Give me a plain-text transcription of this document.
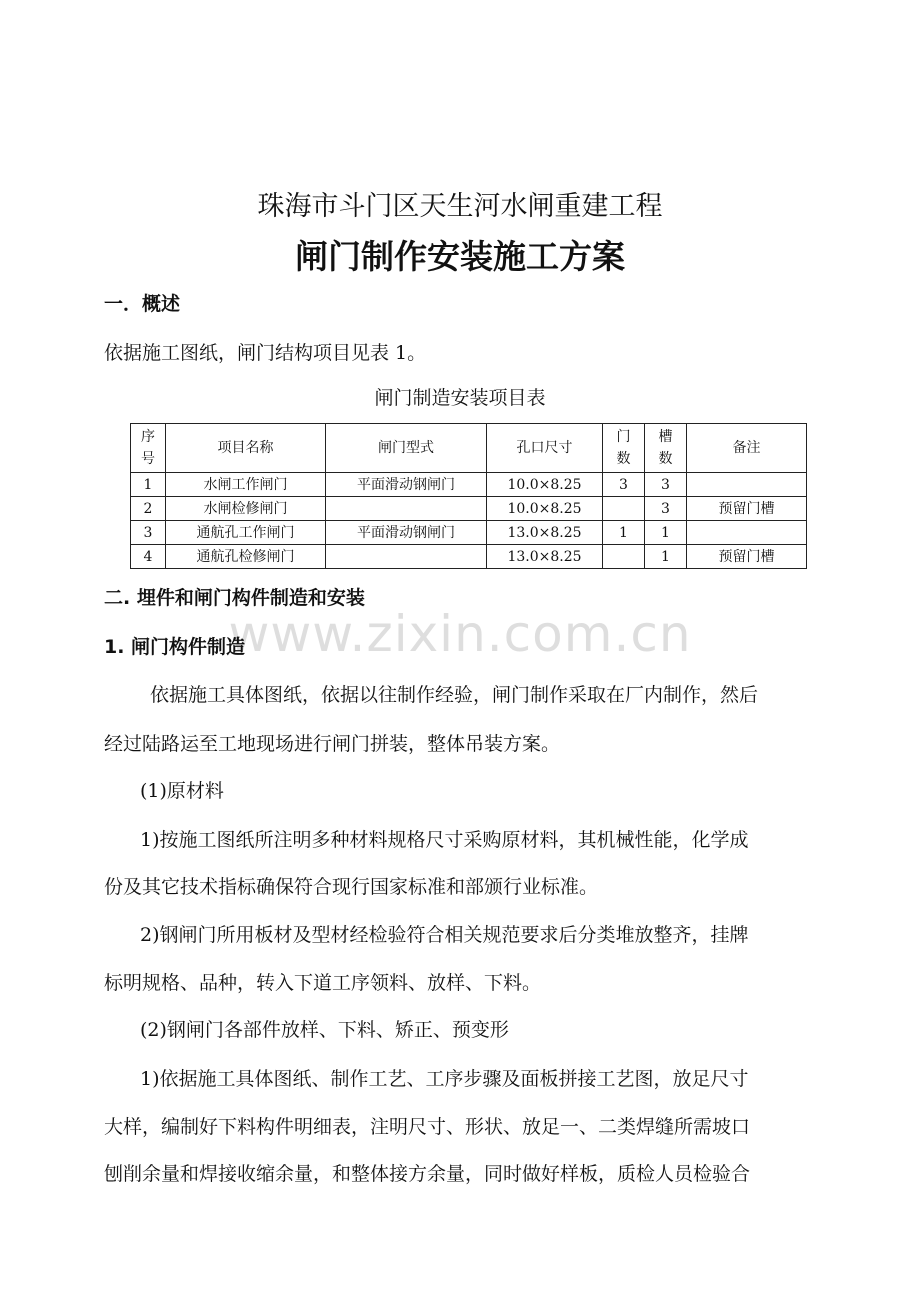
珠海市斗门区天生河水闸重建工程
闸门制作安装施工方案
一．概述
依据施工图纸，闸门结构项目见表 1。
闸门制造安装项目表
序号	项目名称	闸门型式	孔口尺寸	门数	槽数	备注
1	水闸工作闸门	平面滑动钢闸门	10.0×8.25	3	3	
2	水闸检修闸门		10.0×8.25		3	预留门槽
3	通航孔工作闸门	平面滑动钢闸门	13.0×8.25	1	1	
4	通航孔检修闸门		13.0×8.25		1	预留门槽
二. 埋件和闸门构件制造和安装
www.zixin.com.cn
1. 闸门构件制造
依据施工具体图纸，依据以往制作经验，闸门制作采取在厂内制作，然后
经过陆路运至工地现场进行闸门拼装，整体吊装方案。
(1)原材料
1)按施工图纸所注明多种材料规格尺寸采购原材料，其机械性能，化学成
份及其它技术指标确保符合现行国家标准和部颁行业标准。
2)钢闸门所用板材及型材经检验符合相关规范要求后分类堆放整齐，挂牌
标明规格、品种，转入下道工序领料、放样、下料。
(2)钢闸门各部件放样、下料、矫正、预变形
1)依据施工具体图纸、制作工艺、工序步骤及面板拼接工艺图，放足尺寸
大样，编制好下料构件明细表，注明尺寸、形状、放足一、二类焊缝所需坡口
刨削余量和焊接收缩余量，和整体接方余量，同时做好样板，质检人员检验合
